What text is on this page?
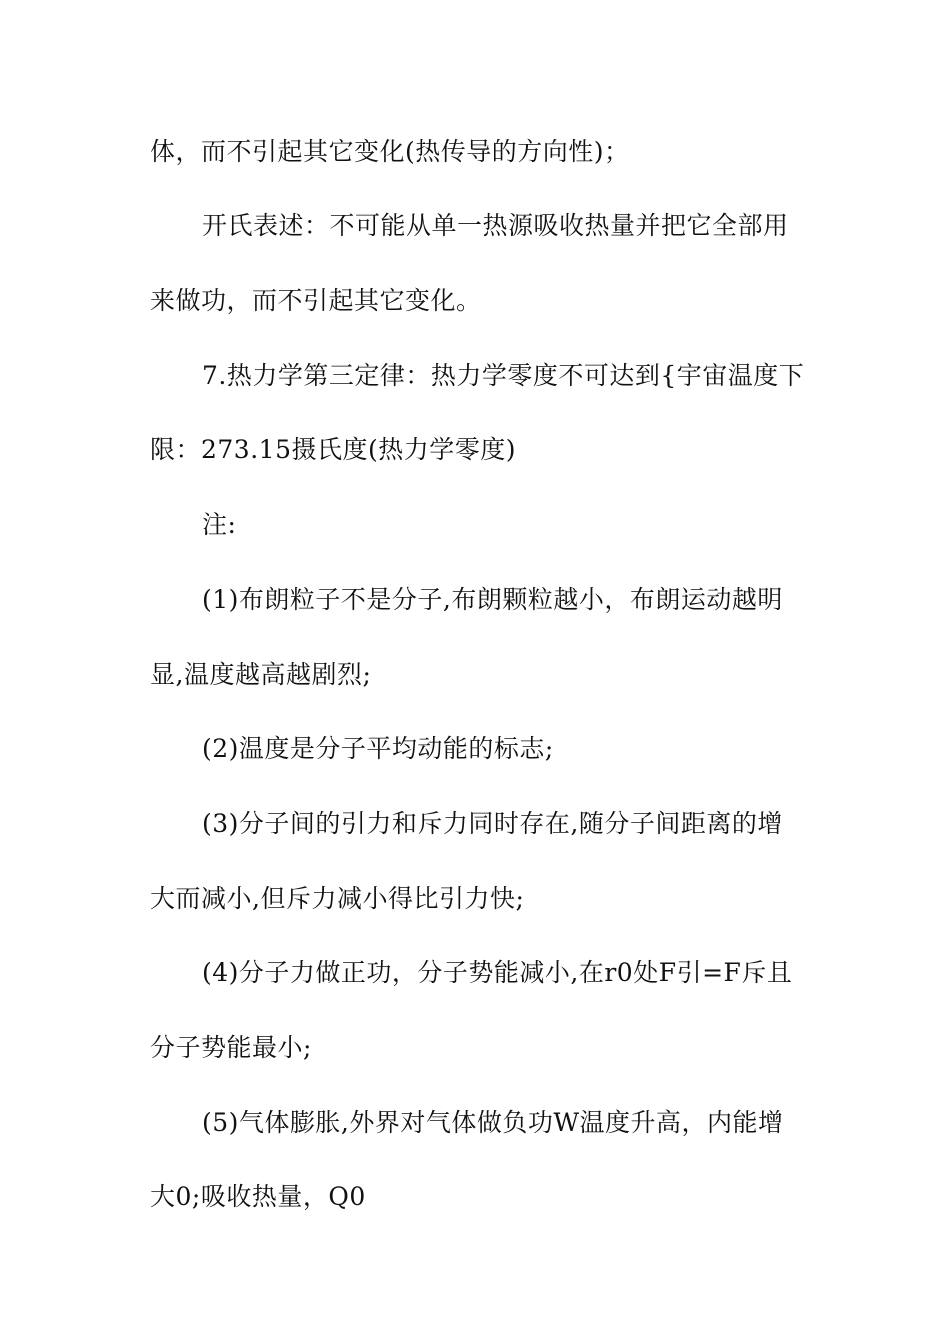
体，而不引起其它变化(热传导的方向性)；
开氏表述：不可能从单一热源吸收热量并把它全部用
来做功，而不引起其它变化。
7.热力学第三定律：热力学零度不可达到{宇宙温度下
限：273.15摄氏度(热力学零度)
注:
(1)布朗粒子不是分子,布朗颗粒越小，布朗运动越明
显,温度越高越剧烈;
(2)温度是分子平均动能的标志;
(3)分子间的引力和斥力同时存在,随分子间距离的增
大而减小,但斥力减小得比引力快;
(4)分子力做正功，分子势能减小,在r0处F引=F斥且
分子势能最小;
(5)气体膨胀,外界对气体做负功W温度升高，内能增
大0;吸收热量，Q0
